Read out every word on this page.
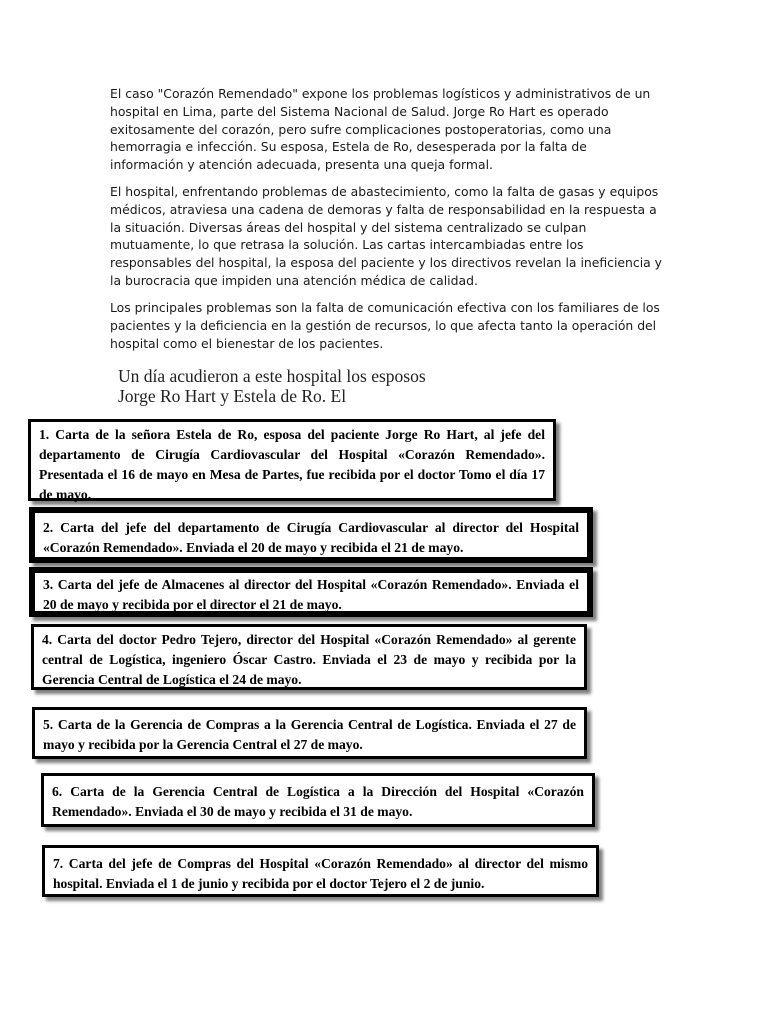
El caso "Corazón Remendado" expone los problemas logísticos y administrativos de un hospital en Lima, parte del Sistema Nacional de Salud. Jorge Ro Hart es operado exitosamente del corazón, pero sufre complicaciones postoperatorias, como una hemorragia e infección. Su esposa, Estela de Ro, desesperada por la falta de información y atención adecuada, presenta una queja formal.

El hospital, enfrentando problemas de abastecimiento, como la falta de gasas y equipos médicos, atraviesa una cadena de demoras y falta de responsabilidad en la respuesta a la situación. Diversas áreas del hospital y del sistema centralizado se culpan mutuamente, lo que retrasa la solución. Las cartas intercambiadas entre los responsables del hospital, la esposa del paciente y los directivos revelan la ineficiencia y la burocracia que impiden una atención médica de calidad.

Los principales problemas son la falta de comunicación efectiva con los familiares de los pacientes y la deficiencia en la gestión de recursos, lo que afecta tanto la operación del hospital como el bienestar de los pacientes.

Un día acudieron a este hospital los esposos Jorge Ro Hart y Estela de Ro. El

1. Carta de la señora Estela de Ro, esposa del paciente Jorge Ro Hart, al jefe del departamento de Cirugía Cardiovascular del Hospital «Corazón Remendado». Presentada el 16 de mayo en Mesa de Partes, fue recibida por el doctor Tomo el día 17 de mayo.
2. Carta del jefe del departamento de Cirugía Cardiovascular al director del Hospital «Corazón Remendado». Enviada el 20 de mayo y recibida el 21 de mayo.
3. Carta del jefe de Almacenes al director del Hospital «Corazón Remendado». Enviada el 20 de mayo y recibida por el director el 21 de mayo.
4. Carta del doctor Pedro Tejero, director del Hospital «Corazón Remendado» al gerente central de Logística, ingeniero Óscar Castro. Enviada el 23 de mayo y recibida por la Gerencia Central de Logística el 24 de mayo.
5. Carta de la Gerencia de Compras a la Gerencia Central de Logística. Enviada el 27 de mayo y recibida por la Gerencia Central el 27 de mayo.
6. Carta de la Gerencia Central de Logística a la Dirección del Hospital «Corazón Remendado». Enviada el 30 de mayo y recibida el 31 de mayo.
7. Carta del jefe de Compras del Hospital «Corazón Remendado» al director del mismo hospital. Enviada el 1 de junio y recibida por el doctor Tejero el 2 de junio.
